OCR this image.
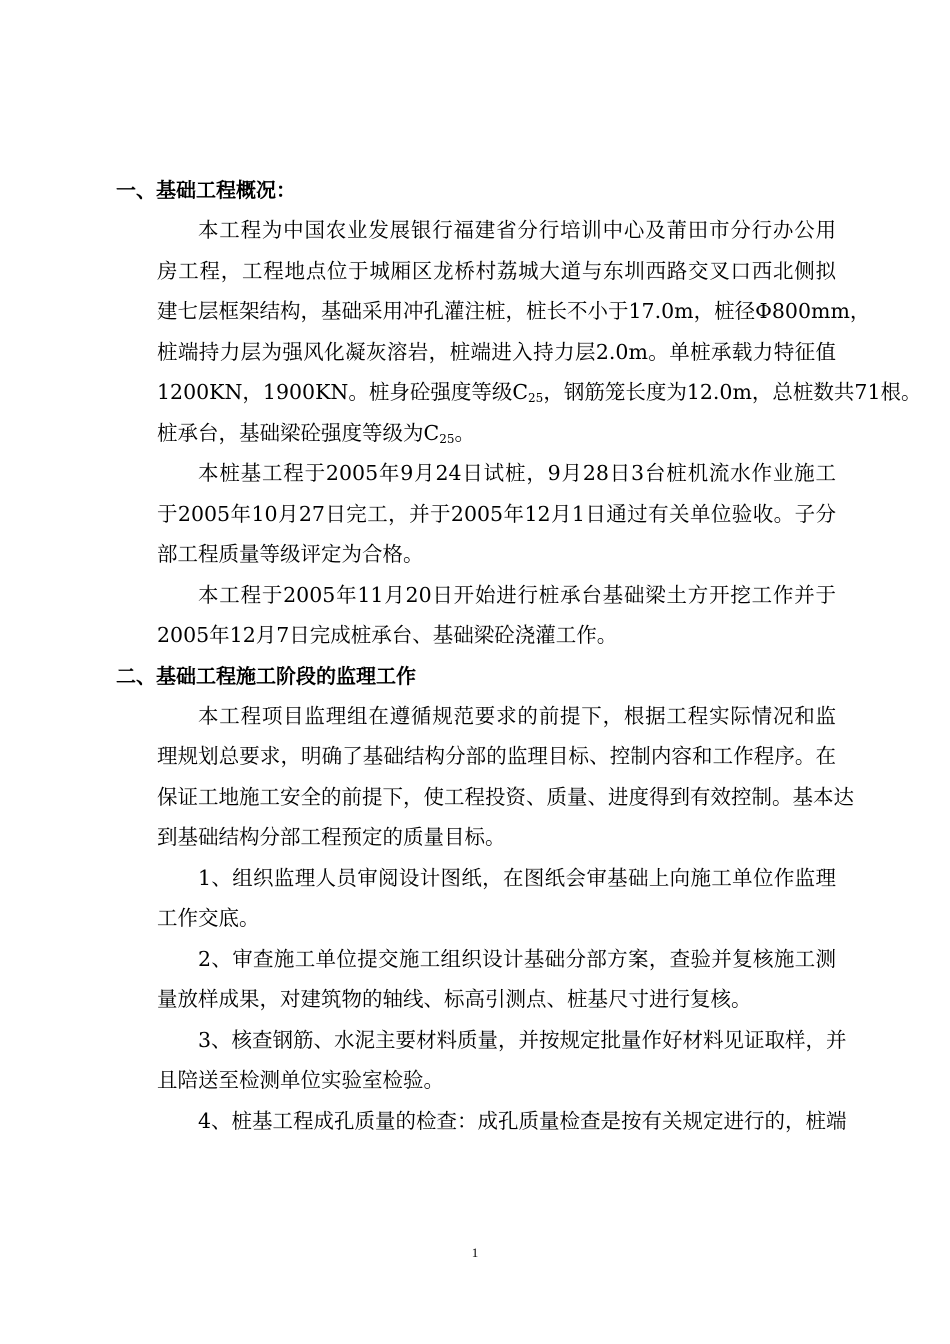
一、基础工程概况：
本工程为中国农业发展银行福建省分行培训中心及莆田市分行办公用
房工程，工程地点位于城厢区龙桥村荔城大道与东圳西路交叉口西北侧拟
建七层框架结构，基础采用冲孔灌注桩，桩长不小于17.0m，桩径Φ800mm，
桩端持力层为强风化凝灰溶岩，桩端进入持力层2.0m。单桩承载力特征值
1200KN，1900KN。桩身砼强度等级$C_{25}$，钢筋笼长度为12.0m，总桩数共71根。
桩承台，基础梁砼强度等级为$C_{25}$。
本桩基工程于2005年9月24日试桩，9月28日3台桩机流水作业施工
于2005年10月27日完工，并于2005年12月1日通过有关单位验收。子分
部工程质量等级评定为合格。
本工程于2005年11月20日开始进行桩承台基础梁土方开挖工作并于
2005年12月7日完成桩承台、基础梁砼浇灌工作。
二、基础工程施工阶段的监理工作
本工程项目监理组在遵循规范要求的前提下，根据工程实际情况和监
理规划总要求，明确了基础结构分部的监理目标、控制内容和工作程序。在
保证工地施工安全的前提下，使工程投资、质量、进度得到有效控制。基本达
到基础结构分部工程预定的质量目标。
1、组织监理人员审阅设计图纸，在图纸会审基础上向施工单位作监理
工作交底。
2、审查施工单位提交施工组织设计基础分部方案，查验并复核施工测
量放样成果，对建筑物的轴线、标高引测点、桩基尺寸进行复核。
3、核查钢筋、水泥主要材料质量，并按规定批量作好材料见证取样，并
且陪送至检测单位实验室检验。
4、桩基工程成孔质量的检查：成孔质量检查是按有关规定进行的，桩端
1
